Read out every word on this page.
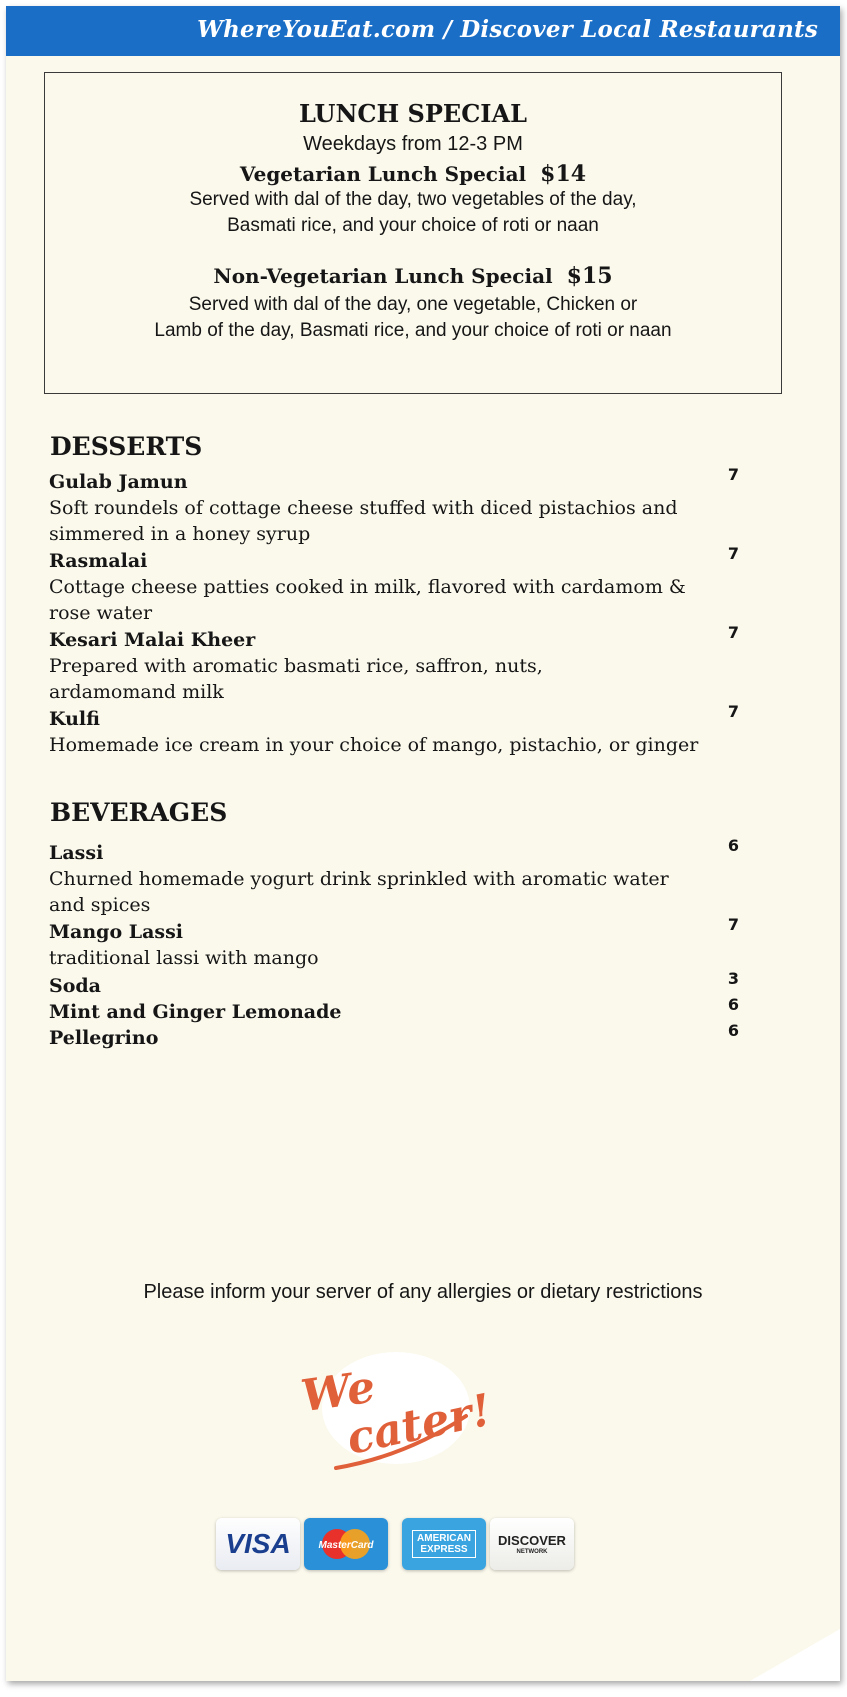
WhereYouEat.com / Discover Local Restaurants
LUNCH SPECIAL
Weekdays from 12-3 PM
Vegetarian Lunch Special $14
Served with dal of the day, two vegetables of the day,
Basmati rice, and your choice of roti or naan
Non-Vegetarian Lunch Special $15
Served with dal of the day, one vegetable, Chicken or
Lamb of the day, Basmati rice, and your choice of roti or naan
DESSERTS
Gulab Jamun	7
Soft roundels of cottage cheese stuffed with diced pistachios and simmered in a honey syrup
Rasmalai	7
Cottage cheese patties cooked in milk, flavored with cardamom & rose water
Kesari Malai Kheer	7
Prepared with aromatic basmati rice, saffron, nuts, ardamomand milk
Kulfi	7
Homemade ice cream in your choice of mango, pistachio, or ginger
BEVERAGES
Lassi	6
Churned homemade yogurt drink sprinkled with aromatic water and spices
Mango Lassi	7
traditional lassi with mango
Soda	3
Mint and Ginger Lemonade	6
Pellegrino	6
Please inform your server of any allergies or dietary restrictions
We
cater!
VISA	MasterCard
AMERICAN
EXPRESS
DISCOVER
NETWORK
